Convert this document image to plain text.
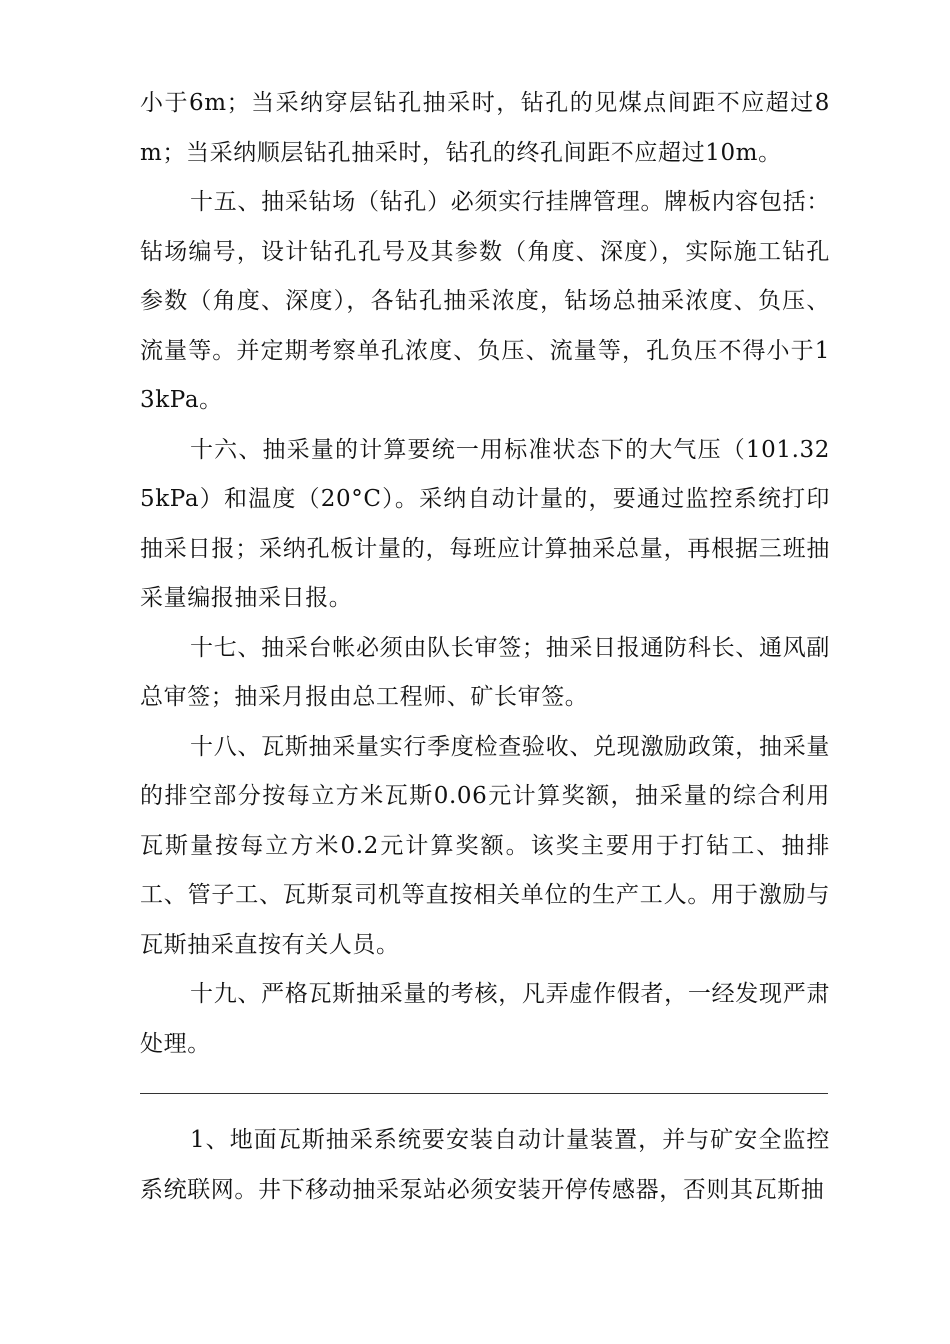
小于6m；当采纳穿层钻孔抽采时，钻孔的见煤点间距不应超过8m；当采纳顺层钻孔抽采时，钻孔的终孔间距不应超过10m。

十五、抽采钻场（钻孔）必须实行挂牌管理。牌板内容包括：钻场编号，设计钻孔孔号及其参数（角度、深度），实际施工钻孔参数（角度、深度），各钻孔抽采浓度，钻场总抽采浓度、负压、流量等。并定期考察单孔浓度、负压、流量等，孔负压不得小于13kPa。

十六、抽采量的计算要统一用标准状态下的大气压（101.325kPa）和温度（20°C）。采纳自动计量的，要通过监控系统打印抽采日报；采纳孔板计量的，每班应计算抽采总量，再根据三班抽采量编报抽采日报。

十七、抽采台帐必须由队长审签；抽采日报通防科长、通风副总审签；抽采月报由总工程师、矿长审签。

十八、瓦斯抽采量实行季度检查验收、兑现激励政策，抽采量的排空部分按每立方米瓦斯0.06元计算奖额，抽采量的综合利用瓦斯量按每立方米0.2元计算奖额。该奖主要用于打钻工、抽排工、管子工、瓦斯泵司机等直按相关单位的生产工人。用于激励与瓦斯抽采直按有关人员。

十九、严格瓦斯抽采量的考核，凡弄虚作假者，一经发现严肃处理。

1、地面瓦斯抽采系统要安装自动计量装置，并与矿安全监控系统联网。井下移动抽采泵站必须安装开停传感器，否则其瓦斯抽
